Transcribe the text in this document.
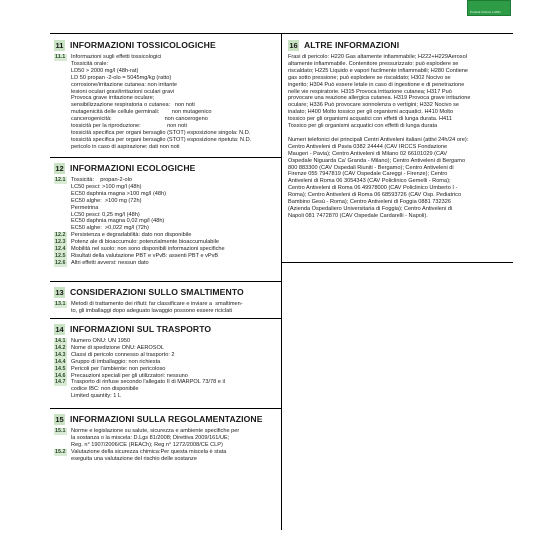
Prodotti Chimici e Affini
11 INFORMAZIONI TOSSICOLOGICHE
11.1	Informazioni sugli effetti tossicologici
Tossicità orale:
LD50 > 2000 mg/l (48h-rat)
LD 50 propan -2-olo = 5045mg/kg (ratto)
corrosione/irritazione cutanea: non irritante
lesioni oculari gravi/irritazioni oculari gravi
Provoca grave irritazione oculare;
sensibilizzazione respiratoria o cutanea:   non noti
mutagenicità delle cellule germinali:        non mutagenico
cancerogenicità:                                  non cancerogeno
tossicità per la riproduzione:                 non noti
tossicità specifica per organi bersaglio (STOT) esposizione singola: N.D.
tossicità specifica per organi bersaglio (STOT) esposizione ripetuta: N.D.
pericolo in caso di aspirazione: dati non noti
12 INFORMAZIONI ECOLOGICHE
12.1 Tossicità:    propan-2-olo
LC50 pesci: >100 mg/l (48h)
EC50 daphnia magna >100 mg/l (48h)
EC50 alghe:  >100 mg (72h)
Permetrina
LC50 pesci: 0,25 mg/l (48h)
EC50 daphnia magna 0,02 mg/l (48h)
EC50 alghe:  >0,022 mg/l (72h)
12.2 Persistenza e degradabilità: dato non disponibile
12.3 Potenz ale di bioaccumulo: potenzialmente bioaccumulabile
12.4 Mobilità nel suolo: non sono disponibili informazioni specifiche
12.5 Risultati della valutazione PBT e vPvB: assenti PBT e vPvB
12.6 Altri effetti avversi: nessun dato
13 CONSIDERAZIONI SULLO SMALTIMENTO
13.1 Metodi di trattamento dei rifiuti: far classificare e inviare a  smaltimen-
to, gli imballaggi dopo adeguato lavaggio possono essere riciclati
14 INFORMAZIONI SUL TRASPORTO
14.1 Numero ONU: UN 1950
14.2 Nome di spedizione ONU: AEROSOL
14.3 Classi di pericolo connesso al trasporto: 2
14.4 Gruppo di imballaggio: non richiesta
14.5 Pericoli per l'ambiente: non pericoloso
14.6 Precauzioni speciali per gli utilizzatori: nessuno
14.7 Trasporto di rinfuse secondo l'allegato II di MARPOL 73/78 e il
codice IBC: non disponibile
Limited quantity: 1 L
15 INFORMAZIONI SULLA REGOLAMENTAZIONE
15.1 Norme e legislazione su salute, sicurezza e ambiente specifiche per
la sostanza o la miscela: D.Lgs 81/2008; Direttiva 2009/161/UE;
Reg. n° 1907/2006/CE (REACh); Reg n° 1272/2008/CE CLP)
15.2 Valutazione della sicurezza chimica:Per questa miscela è stata
eseguita una valutazione del rischio delle sostanze
16 ALTRE INFORMAZIONI
Frasi di pericolo: H220 Gas altamente infiammabile; H222+H229Aerosol
altamente infiammabile. Contenitore pressurizzato: può esplodere se
riscaldato; H225 Liquido e vapori facilmente infiammabili; H280 Contiene
gas sotto pressione; può esplodere se riscaldato; H302 Nocivo se
ingerito; H304 Può essere letale in caso di ingestione e di penetrazione
nelle vie respiratorie. H315 Provoca irritazione cutanea; H317 Può
provocare una reazione allergica cutanea. H319 Provoca grave irritazione
oculare; H336 Può provocare sonnolenza o vertigini; H332 Nocivo se
inalato; H400 Molto tossico per gli organismi acquatici. H410 Molto
tossico per gli organismi acquatici con effetti di lunga durata. H411
Tossico per gli organismi acquatici con effetti di lunga durata

Numeri telefonici dei principali Centri Antiveleni italiani (attivi 24h/24 ore):
Centro Antiveleni di Pavia 0382 24444 (CAV IRCCS Fondazione
Maugeri - Pavia); Centro Antiveleni di Milano 02 66101029 (CAV
Ospedale Niguarda Ca' Granda - Milano); Centro Antiveleni di Bergamo
800 883300 (CAV Ospedali Riuniti - Bergamo); Centro Antiveleni di
Firenze 055 7947819 (CAV Ospedale Careggi - Firenze); Centro
Antiveleni di Roma 06 3054343 (CAV Policlinico Gemelli - Roma);
Centro Antiveleni di Roma 06 49978000 (CAV Policlinico Umberto I -
Roma); Centro Antiveleni di Roma 06 68593726 (CAV Osp. Pediatrico
Bambino Gesù - Roma); Centro Antiveleni di Foggia 0881 732326
(Azienda Ospedaliero Universitaria di Foggia); Centro Antiveleni di
Napoli 081 7472870 (CAV Ospedale Cardarelli - Napoli).
